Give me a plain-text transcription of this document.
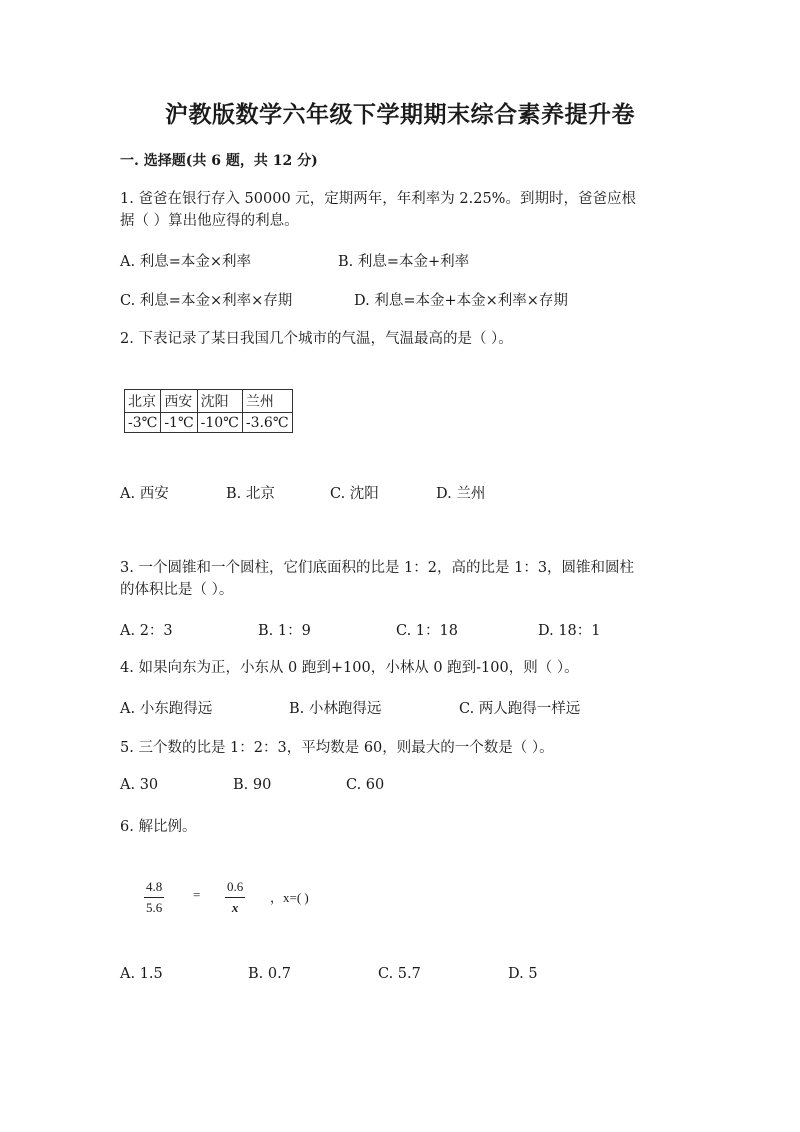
沪教版数学六年级下学期期末综合素养提升卷
一. 选择题(共 6 题，共 12 分)
1. 爸爸在银行存入 50000 元，定期两年，年利率为 2.25%。到期时，爸爸应根
据（ ）算出他应得的利息。
A. 利息=本金×利率	B. 利息=本金+利率
C. 利息=本金×利率×存期	D. 利息=本金+本金×利率×存期
2. 下表记录了某日我国几个城市的气温，气温最高的是（ ）。
北京	西安	沈阳	兰州
-3℃	-1℃	-10℃	-3.6℃
A. 西安	B. 北京	C. 沈阳	D. 兰州
3. 一个圆锥和一个圆柱，它们底面积的比是 1：2，高的比是 1：3，圆锥和圆柱
的体积比是（ ）。
A. 2：3	B. 1：9	C. 1：18	D. 18：1
4. 如果向东为正，小东从 0 跑到+100，小林从 0 跑到-100，则（ ）。
A. 小东跑得远	B. 小林跑得远	C. 两人跑得一样远
5. 三个数的比是 1：2：3，平均数是 60，则最大的一个数是（ ）。
A. 30	B. 90	C. 60
6. 解比例。
4.8
5.6
=
0.6
x
，x=( )
A. 1.5	B. 0.7	C. 5.7	D. 5
